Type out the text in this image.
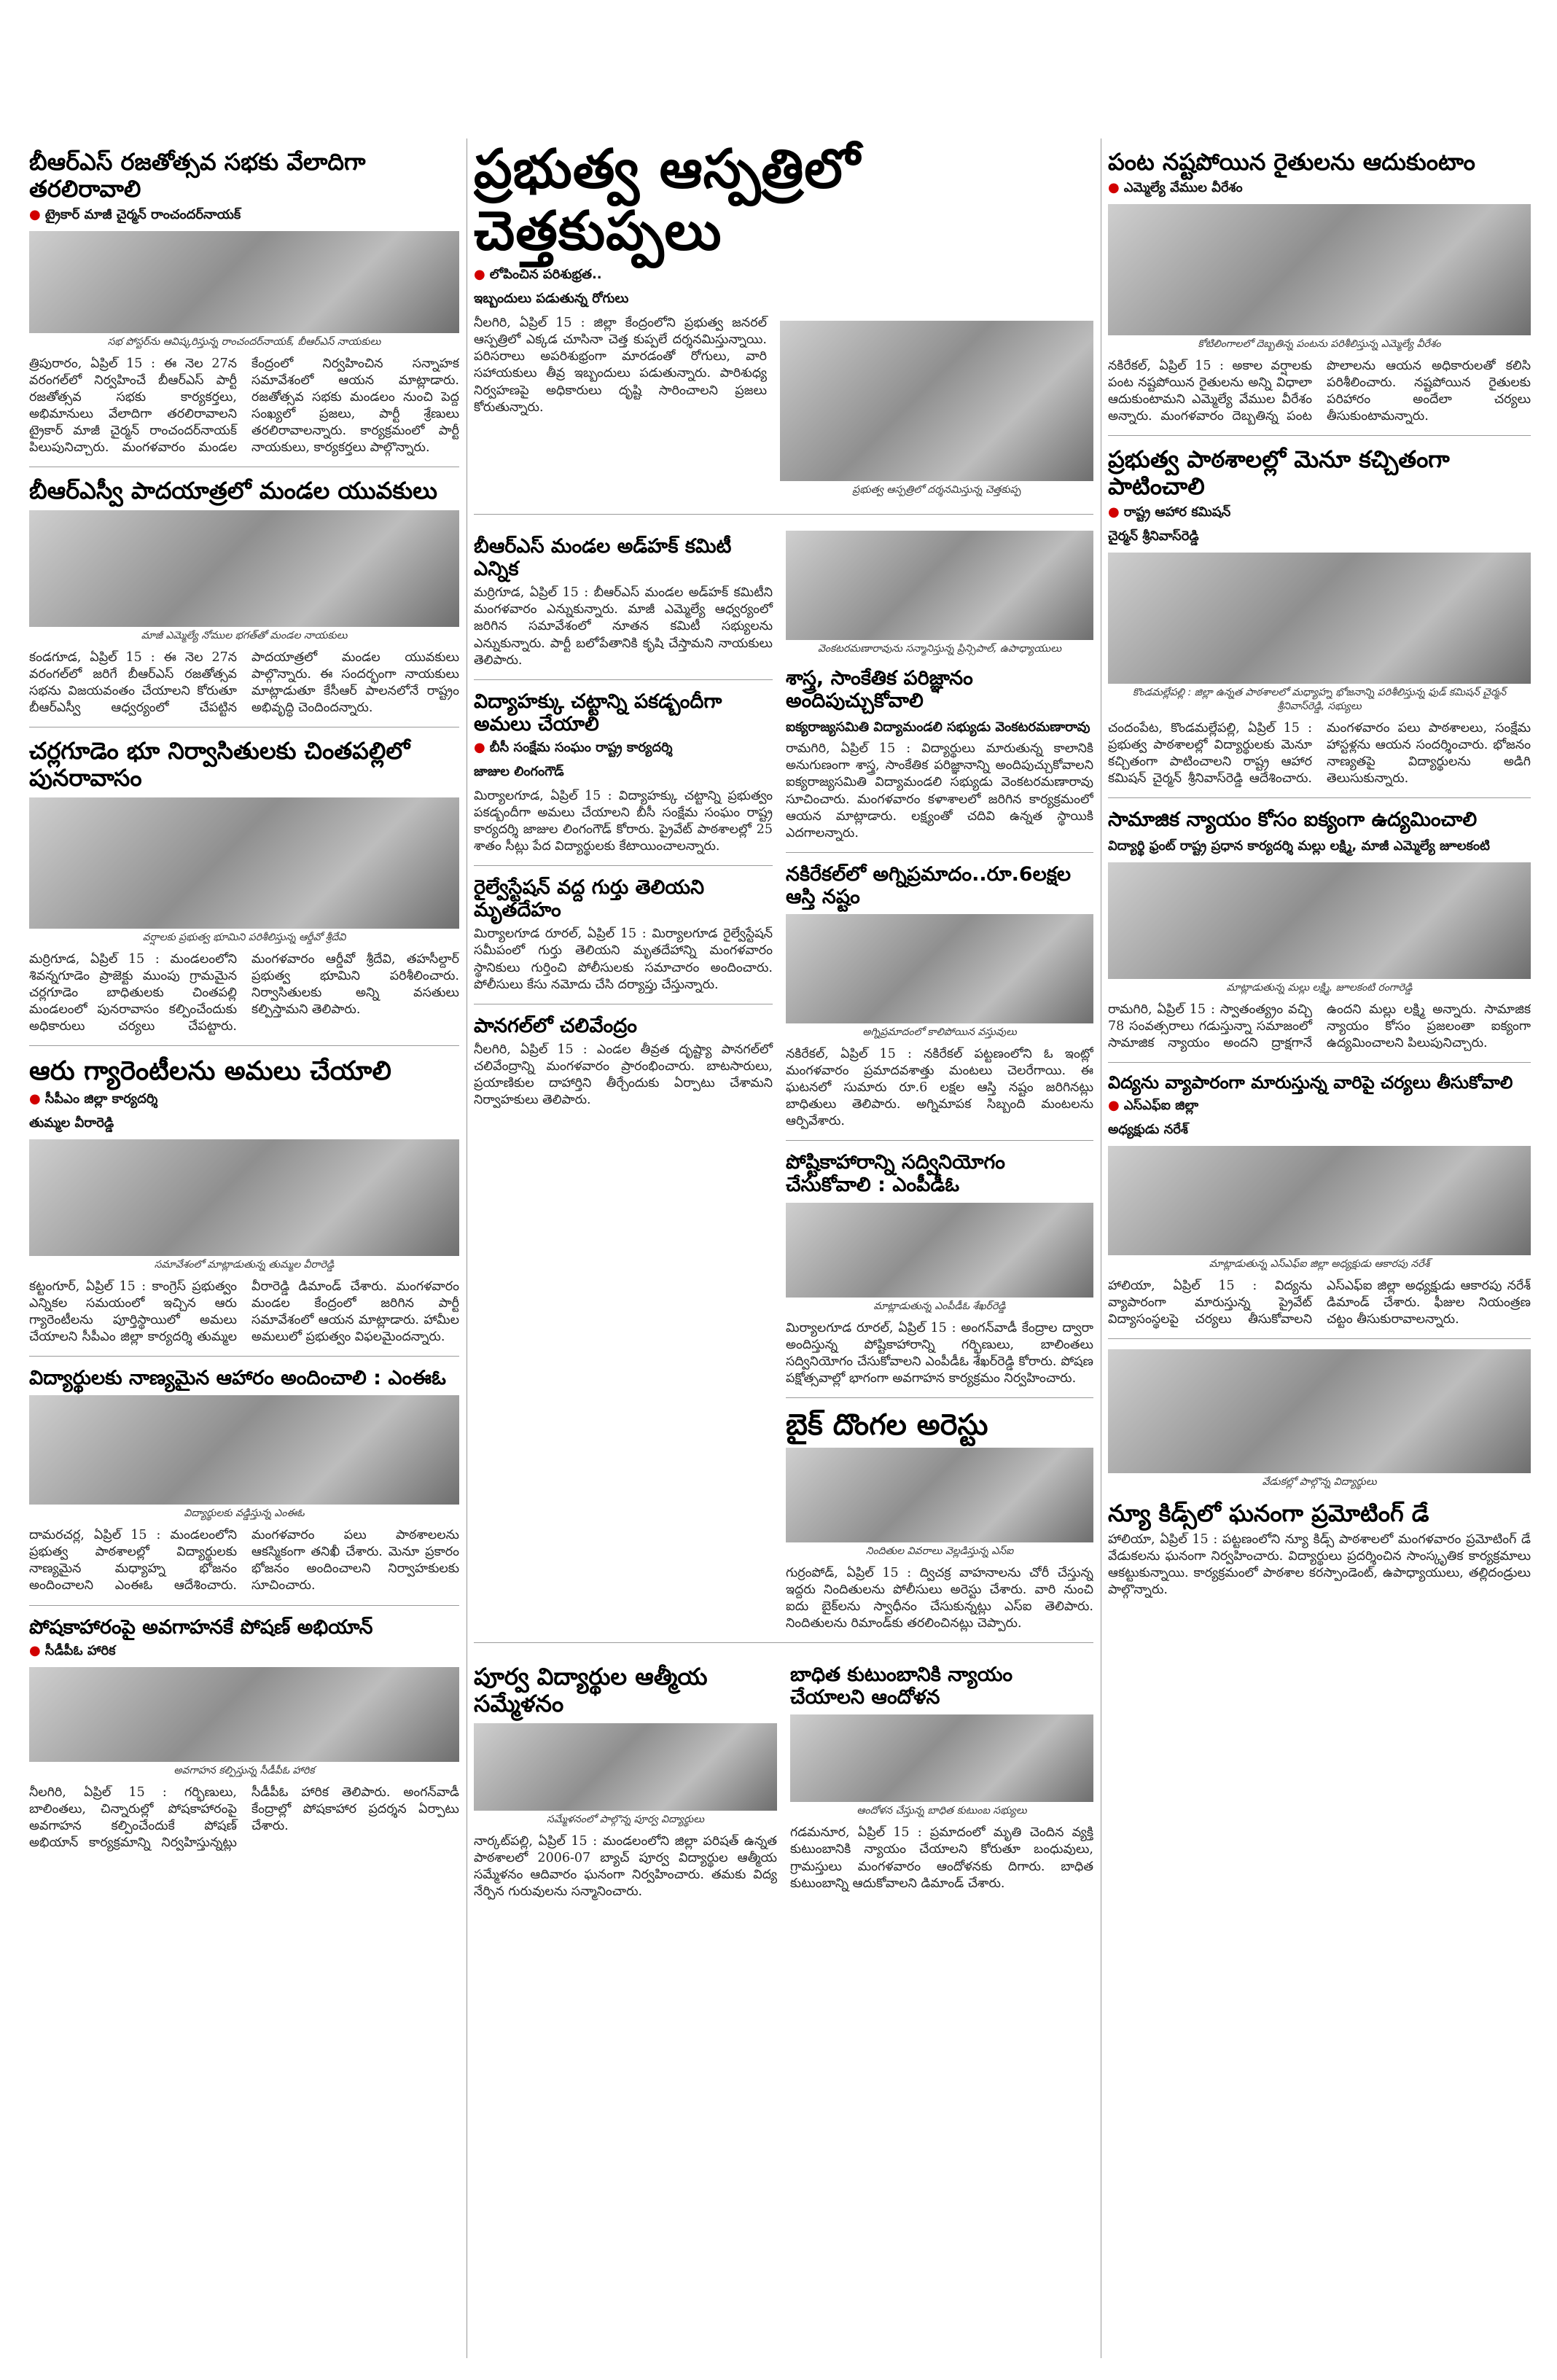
బీఆర్ఎస్ రజతోత్సవ సభకు వేలాదిగా తరలిరావాలి
● ట్రైకార్ మాజీ చైర్మన్ రాంచందర్‌నాయక్
సభ పోస్టర్‌ను ఆవిష్కరిస్తున్న రాంచందర్‌నాయక్, బీఆర్ఎస్ నాయకులు
త్రిపురారం, ఏప్రిల్ 15 : ఈ నెల 27న వరంగల్‌లో నిర్వహించే బీఆర్ఎస్ పార్టీ రజతోత్సవ సభకు కార్యకర్తలు, అభిమానులు వేలాదిగా తరలిరావాలని ట్రైకార్ మాజీ చైర్మన్ రాంచందర్‌నాయక్ పిలుపునిచ్చారు. మంగళవారం మండల కేంద్రంలో నిర్వహించిన సన్నాహక సమావేశంలో ఆయన మాట్లాడారు. రజతోత్సవ సభకు మండలం నుంచి పెద్ద సంఖ్యలో ప్రజలు, పార్టీ శ్రేణులు తరలిరావాలన్నారు. కార్యక్రమంలో పార్టీ నాయకులు, కార్యకర్తలు పాల్గొన్నారు.
బీఆర్ఎస్వీ పాదయాత్రలో మండల యువకులు
మాజీ ఎమ్మెల్యే నోముల భగత్‌తో మండల నాయకులు
కండగూడ, ఏప్రిల్ 15 : ఈ నెల 27న వరంగల్‌లో జరిగే బీఆర్ఎస్ రజతోత్సవ సభను విజయవంతం చేయాలని కోరుతూ బీఆర్ఎస్వీ ఆధ్వర్యంలో చేపట్టిన పాదయాత్రలో మండల యువకులు పాల్గొన్నారు. ఈ సందర్భంగా నాయకులు మాట్లాడుతూ కేసీఆర్ పాలనలోనే రాష్ట్రం అభివృద్ధి చెందిందన్నారు.
చర్లగూడెం భూ నిర్వాసితులకు చింతపల్లిలో పునరావాసం
వర్షాలకు ప్రభుత్వ భూమిని పరిశీలిస్తున్న ఆర్డీవో శ్రీదేవి
మర్రిగూడ, ఏప్రిల్ 15 : మండలంలోని శివన్నగూడెం ప్రాజెక్టు ముంపు గ్రామమైన చర్లగూడెం బాధితులకు చింతపల్లి మండలంలో పునరావాసం కల్పించేందుకు అధికారులు చర్యలు చేపట్టారు. మంగళవారం ఆర్డీవో శ్రీదేవి, తహసీల్దార్ ప్రభుత్వ భూమిని పరిశీలించారు. నిర్వాసితులకు అన్ని వసతులు కల్పిస్తామని తెలిపారు.
ఆరు గ్యారెంటీలను అమలు చేయాలి
● సీపీఎం జిల్లా కార్యదర్శి
తుమ్మల వీరారెడ్డి
సమావేశంలో మాట్లాడుతున్న తుమ్మల వీరారెడ్డి
కట్టంగూర్, ఏప్రిల్ 15 : కాంగ్రెస్ ప్రభుత్వం ఎన్నికల సమయంలో ఇచ్చిన ఆరు గ్యారెంటీలను పూర్తిస్థాయిలో అమలు చేయాలని సీపీఎం జిల్లా కార్యదర్శి తుమ్మల వీరారెడ్డి డిమాండ్ చేశారు. మంగళవారం మండల కేంద్రంలో జరిగిన పార్టీ సమావేశంలో ఆయన మాట్లాడారు. హామీల అమలులో ప్రభుత్వం విఫలమైందన్నారు.
విద్యార్థులకు నాణ్యమైన ఆహారం అందించాలి : ఎంఈఓ
విద్యార్థులకు వడ్డిస్తున్న ఎంఈఓ
దామరచర్ల, ఏప్రిల్ 15 : మండలంలోని ప్రభుత్వ పాఠశాలల్లో విద్యార్థులకు నాణ్యమైన మధ్యాహ్న భోజనం అందించాలని ఎంఈఓ ఆదేశించారు. మంగళవారం పలు పాఠశాలలను ఆకస్మికంగా తనిఖీ చేశారు. మెనూ ప్రకారం భోజనం అందించాలని నిర్వాహకులకు సూచించారు.
పోషకాహారంపై అవగాహనకే పోషణ్ అభియాన్
● సీడీపీఓ హారిక
అవగాహన కల్పిస్తున్న సీడీపీఓ హారిక
నీలగిరి, ఏప్రిల్ 15 : గర్భిణులు, బాలింతలు, చిన్నారుల్లో పోషకాహారంపై అవగాహన కల్పించేందుకే పోషణ్ అభియాన్ కార్యక్రమాన్ని నిర్వహిస్తున్నట్లు సీడీపీఓ హారిక తెలిపారు. అంగన్‌వాడీ కేంద్రాల్లో పోషకాహార ప్రదర్శన ఏర్పాటు చేశారు.
ప్రభుత్వ ఆస్పత్రిలో చెత్తకుప్పలు
● లోపించిన పరిశుభ్రత..
ఇబ్బందులు పడుతున్న రోగులు
నీలగిరి, ఏప్రిల్ 15 : జిల్లా కేంద్రంలోని ప్రభుత్వ జనరల్ ఆస్పత్రిలో ఎక్కడ చూసినా చెత్త కుప్పలే దర్శనమిస్తున్నాయి. పరిసరాలు అపరిశుభ్రంగా మారడంతో రోగులు, వారి సహాయకులు తీవ్ర ఇబ్బందులు పడుతున్నారు. పారిశుధ్య నిర్వహణపై అధికారులు దృష్టి సారించాలని ప్రజలు కోరుతున్నారు.
ప్రభుత్వ ఆస్పత్రిలో దర్శనమిస్తున్న చెత్తకుప్ప
బీఆర్ఎస్ మండల అడ్‌హక్ కమిటీ ఎన్నిక
మర్రిగూడ, ఏప్రిల్ 15 : బీఆర్ఎస్ మండల అడ్‌హక్ కమిటీని మంగళవారం ఎన్నుకున్నారు. మాజీ ఎమ్మెల్యే ఆధ్వర్యంలో జరిగిన సమావేశంలో నూతన కమిటీ సభ్యులను ఎన్నుకున్నారు. పార్టీ బలోపేతానికి కృషి చేస్తామని నాయకులు తెలిపారు.
విద్యాహక్కు చట్టాన్ని పకడ్బందీగా అమలు చేయాలి
● బీసీ సంక్షేమ సంఘం రాష్ట్ర కార్యదర్శి
జాజుల లింగంగౌడ్
మిర్యాలగూడ, ఏప్రిల్ 15 : విద్యాహక్కు చట్టాన్ని ప్రభుత్వం పకడ్బందీగా అమలు చేయాలని బీసీ సంక్షేమ సంఘం రాష్ట్ర కార్యదర్శి జాజుల లింగంగౌడ్ కోరారు. ప్రైవేట్ పాఠశాలల్లో 25 శాతం సీట్లు పేద విద్యార్థులకు కేటాయించాలన్నారు.
రైల్వేస్టేషన్ వద్ద గుర్తు తెలియని మృతదేహం
మిర్యాలగూడ రూరల్, ఏప్రిల్ 15 : మిర్యాలగూడ రైల్వేస్టేషన్ సమీపంలో గుర్తు తెలియని మృతదేహాన్ని మంగళవారం స్థానికులు గుర్తించి పోలీసులకు సమాచారం అందించారు. పోలీసులు కేసు నమోదు చేసి దర్యాప్తు చేస్తున్నారు.
పానగల్‌లో చలివేంద్రం
నీలగిరి, ఏప్రిల్ 15 : ఎండల తీవ్రత దృష్ట్యా పానగల్‌లో చలివేంద్రాన్ని మంగళవారం ప్రారంభించారు. బాటసారులు, ప్రయాణికుల దాహార్తిని తీర్చేందుకు ఏర్పాటు చేశామని నిర్వాహకులు తెలిపారు.
వెంకటరమణారావును సన్మానిస్తున్న ప్రిన్సిపాల్, ఉపాధ్యాయులు
శాస్త్ర, సాంకేతిక పరిజ్ఞానం అందిపుచ్చుకోవాలి
ఐక్యరాజ్యసమితి విద్యామండలి సభ్యుడు వెంకటరమణారావు
రామగిరి, ఏప్రిల్ 15 : విద్యార్థులు మారుతున్న కాలానికి అనుగుణంగా శాస్త్ర, సాంకేతిక పరిజ్ఞానాన్ని అందిపుచ్చుకోవాలని ఐక్యరాజ్యసమితి విద్యామండలి సభ్యుడు వెంకటరమణారావు సూచించారు. మంగళవారం కళాశాలలో జరిగిన కార్యక్రమంలో ఆయన మాట్లాడారు. లక్ష్యంతో చదివి ఉన్నత స్థాయికి ఎదగాలన్నారు.
నకిరేకల్‌లో అగ్నిప్రమాదం..రూ.6లక్షల ఆస్తి నష్టం
అగ్నిప్రమాదంలో కాలిపోయిన వస్తువులు
నకిరేకల్, ఏప్రిల్ 15 : నకిరేకల్ పట్టణంలోని ఓ ఇంట్లో మంగళవారం ప్రమాదవశాత్తు మంటలు చెలరేగాయి. ఈ ఘటనలో సుమారు రూ.6 లక్షల ఆస్తి నష్టం జరిగినట్లు బాధితులు తెలిపారు. అగ్నిమాపక సిబ్బంది మంటలను ఆర్పివేశారు.
పోష్టికాహారాన్ని సద్వినియోగం చేసుకోవాలి : ఎంపీడీఓ
మాట్లాడుతున్న ఎంపీడీఓ శేఖర్‌రెడ్డి
మిర్యాలగూడ రూరల్, ఏప్రిల్ 15 : అంగన్‌వాడీ కేంద్రాల ద్వారా అందిస్తున్న పోష్టికాహారాన్ని గర్భిణులు, బాలింతలు సద్వినియోగం చేసుకోవాలని ఎంపీడీఓ శేఖర్‌రెడ్డి కోరారు. పోషణ పక్షోత్సవాల్లో భాగంగా అవగాహన కార్యక్రమం నిర్వహించారు.
బైక్ దొంగల అరెస్టు
నిందితుల వివరాలు వెల్లడిస్తున్న ఎస్ఐ
గుర్రంపోడ్, ఏప్రిల్ 15 : ద్విచక్ర వాహనాలను చోరీ చేస్తున్న ఇద్దరు నిందితులను పోలీసులు అరెస్టు చేశారు. వారి నుంచి ఐదు బైక్‌లను స్వాధీనం చేసుకున్నట్లు ఎస్ఐ తెలిపారు. నిందితులను రిమాండ్‌కు తరలించినట్లు చెప్పారు.
పూర్వ విద్యార్థుల ఆత్మీయ సమ్మేళనం
సమ్మేళనంలో పాల్గొన్న పూర్వ విద్యార్థులు
నార్కట్‌పల్లి, ఏప్రిల్ 15 : మండలంలోని జిల్లా పరిషత్ ఉన్నత పాఠశాలలో 2006-07 బ్యాచ్ పూర్వ విద్యార్థుల ఆత్మీయ సమ్మేళనం ఆదివారం ఘనంగా నిర్వహించారు. తమకు విద్య నేర్పిన గురువులను సన్మానించారు.
బాధిత కుటుంబానికి న్యాయం చేయాలని ఆందోళన
ఆందోళన చేస్తున్న బాధిత కుటుంబ సభ్యులు
గడమనూర, ఏప్రిల్ 15 : ప్రమాదంలో మృతి చెందిన వ్యక్తి కుటుంబానికి న్యాయం చేయాలని కోరుతూ బంధువులు, గ్రామస్తులు మంగళవారం ఆందోళనకు దిగారు. బాధిత కుటుంబాన్ని ఆదుకోవాలని డిమాండ్ చేశారు.
పంట నష్టపోయిన రైతులను ఆదుకుంటాం
● ఎమ్మెల్యే వేముల వీరేశం
కోటిలింగాలలో దెబ్బతిన్న పంటను పరిశీలిస్తున్న ఎమ్మెల్యే వీరేశం
నకిరేకల్, ఏప్రిల్ 15 : అకాల వర్షాలకు పంట నష్టపోయిన రైతులను అన్ని విధాలా ఆదుకుంటామని ఎమ్మెల్యే వేముల వీరేశం అన్నారు. మంగళవారం దెబ్బతిన్న పంట పొలాలను ఆయన అధికారులతో కలిసి పరిశీలించారు. నష్టపోయిన రైతులకు పరిహారం అందేలా చర్యలు తీసుకుంటామన్నారు.
ప్రభుత్వ పాఠశాలల్లో మెనూ కచ్చితంగా పాటించాలి
● రాష్ట్ర ఆహార కమిషన్
చైర్మన్ శ్రీనివాస్‌రెడ్డి
కొండమల్లేపల్లి : జిల్లా ఉన్నత పాఠశాలలో మధ్యాహ్న భోజనాన్ని పరిశీలిస్తున్న ఫుడ్ కమిషన్ చైర్మన్ శ్రీనివాస్‌రెడ్డి, సభ్యులు
చందంపేట, కొండమల్లేపల్లి, ఏప్రిల్ 15 : ప్రభుత్వ పాఠశాలల్లో విద్యార్థులకు మెనూ కచ్చితంగా పాటించాలని రాష్ట్ర ఆహార కమిషన్ చైర్మన్ శ్రీనివాస్‌రెడ్డి ఆదేశించారు. మంగళవారం పలు పాఠశాలలు, సంక్షేమ హాస్టళ్లను ఆయన సందర్శించారు. భోజనం నాణ్యతపై విద్యార్థులను అడిగి తెలుసుకున్నారు.
సామాజిక న్యాయం కోసం ఐక్యంగా ఉద్యమించాలి
విద్యార్థి ఫ్రంట్ రాష్ట్ర ప్రధాన కార్యదర్శి మల్లు లక్ష్మి, మాజీ ఎమ్మెల్యే జూలకంటి
మాట్లాడుతున్న మల్లు లక్ష్మి, జూలకంటి రంగారెడ్డి
రామగిరి, ఏప్రిల్ 15 : స్వాతంత్య్రం వచ్చి 78 సంవత్సరాలు గడుస్తున్నా సమాజంలో సామాజిక న్యాయం అందని ద్రాక్షగానే ఉందని మల్లు లక్ష్మి అన్నారు. సామాజిక న్యాయం కోసం ప్రజలంతా ఐక్యంగా ఉద్యమించాలని పిలుపునిచ్చారు.
విద్యను వ్యాపారంగా మారుస్తున్న వారిపై చర్యలు తీసుకోవాలి
● ఎస్ఎఫ్ఐ జిల్లా
అధ్యక్షుడు నరేశ్
మాట్లాడుతున్న ఎస్ఎఫ్ఐ జిల్లా అధ్యక్షుడు ఆకారపు నరేశ్
హాలియా, ఏప్రిల్ 15 : విద్యను వ్యాపారంగా మారుస్తున్న ప్రైవేట్ విద్యాసంస్థలపై చర్యలు తీసుకోవాలని ఎస్ఎఫ్ఐ జిల్లా అధ్యక్షుడు ఆకారపు నరేశ్ డిమాండ్ చేశారు. ఫీజుల నియంత్రణ చట్టం తీసుకురావాలన్నారు.
వేడుకల్లో పాల్గొన్న విద్యార్థులు
న్యూ కిడ్స్‌లో ఘనంగా ప్రమోటింగ్ డే
హాలియా, ఏప్రిల్ 15 : పట్టణంలోని న్యూ కిడ్స్ పాఠశాలలో మంగళవారం ప్రమోటింగ్ డే వేడుకలను ఘనంగా నిర్వహించారు. విద్యార్థులు ప్రదర్శించిన సాంస్కృతిక కార్యక్రమాలు ఆకట్టుకున్నాయి. కార్యక్రమంలో పాఠశాల కరస్పాండెంట్, ఉపాధ్యాయులు, తల్లిదండ్రులు పాల్గొన్నారు.
